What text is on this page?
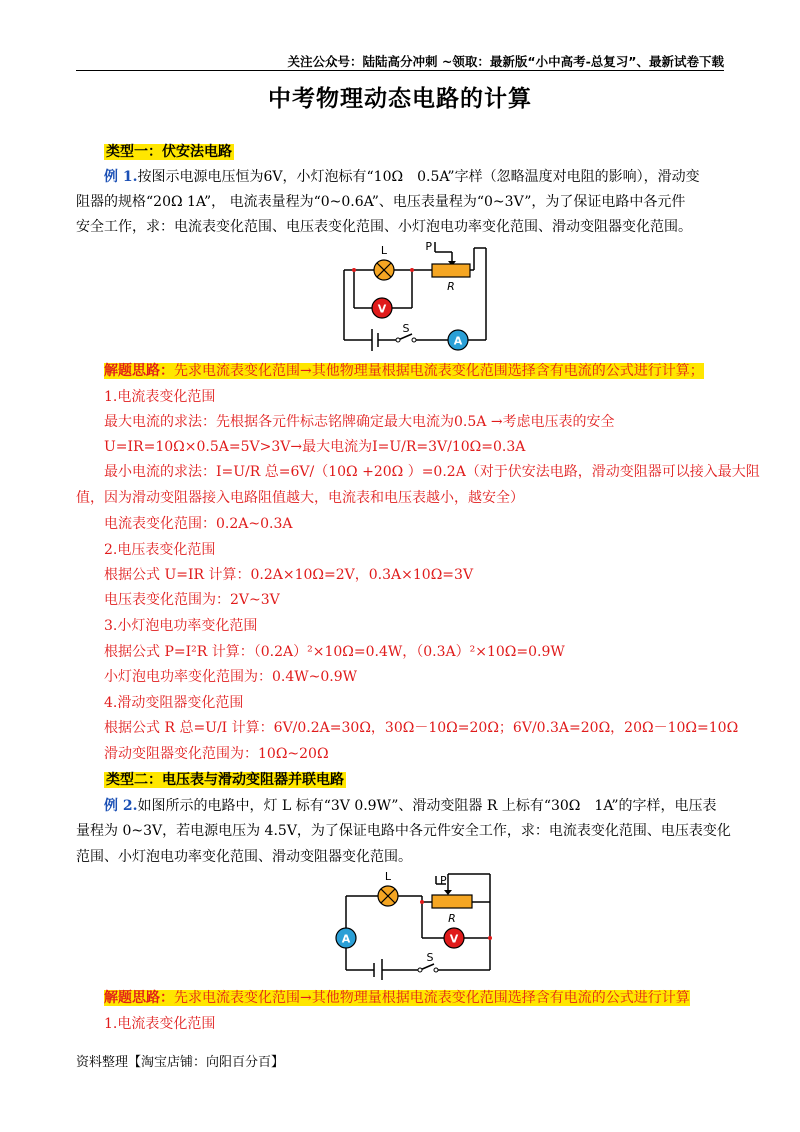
关注公众号：陆陆高分冲刺 ~领取：最新版“小中高考-总复习”、最新试卷下载
中考物理动态电路的计算
类型一：伏安法电路
例 1.按图示电源电压恒为6V，小灯泡标有“10Ω　0.5A”字样（忽略温度对电阻的影响），滑动变
阻器的规格“20Ω 1A”， 电流表量程为“0~0.6A”、电压表量程为“0~3V”，为了保证电路中各元件
安全工作，求：电流表变化范围、电压表变化范围、小灯泡电功率变化范围、滑动变阻器变化范围。
V
A
L	P
R
S
解题思路：先求电流表变化范围→其他物理量根据电流表变化范围选择含有电流的公式进行计算；
1.电流表变化范围
最大电流的求法：先根据各元件标志铭牌确定最大电流为0.5A →考虑电压表的安全
U=IR=10Ω×0.5A=5V>3V→最大电流为I=U/R=3V/10Ω=0.3A
最小电流的求法：I=U/R 总=6V/（10Ω +20Ω ）=0.2A（对于伏安法电路，滑动变阻器可以接入最大阻
值，因为滑动变阻器接入电路阻值越大，电流表和电压表越小，越安全）
电流表变化范围：0.2A~0.3A
2.电压表变化范围
根据公式 U=IR 计算：0.2A×10Ω=2V，0.3A×10Ω=3V
电压表变化范围为：2V~3V
3.小灯泡电功率变化范围
根据公式 P=I²R 计算：（0.2A）²×10Ω=0.4W，（0.3A）²×10Ω=0.9W
小灯泡电功率变化范围为：0.4W~0.9W
4.滑动变阻器变化范围
根据公式 R 总=U/I 计算：6V/0.2A=30Ω，30Ω－10Ω=20Ω；6V/0.3A=20Ω，20Ω－10Ω=10Ω
滑动变阻器变化范围为：10Ω~20Ω
类型二：电压表与滑动变阻器并联电路
例 2.如图所示的电路中，灯 L 标有“3V 0.9W”、滑动变阻器 R 上标有“30Ω　1A”的字样，电压表
量程为 0~3V，若电源电压为 4.5V，为了保证电路中各元件安全工作，求：电流表变化范围、电压表变化
范围、小灯泡电功率变化范围、滑动变阻器变化范围。
V
A
L	P
R
S
解题思路：先求电流表变化范围→其他物理量根据电流表变化范围选择含有电流的公式进行计算
1.电流表变化范围
资料整理【淘宝店铺：向阳百分百】
